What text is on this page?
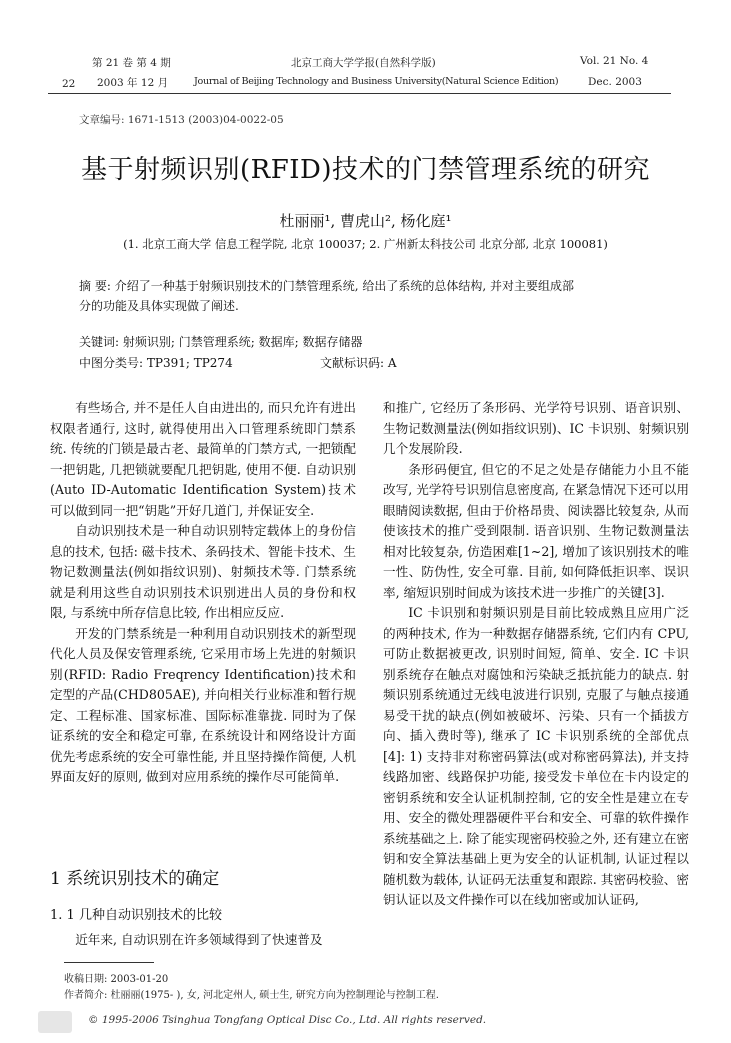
第 21 卷 第 4 期	北京工商大学学报(自然科学版)	Vol. 21 No. 4
22 2003 年 12 月	Journal of Beijing Technology and Business University(Natural Science Edition)	Dec. 2003
文章编号: 1671-1513 (2003)04-0022-05
基于射频识别(RFID)技术的门禁管理系统的研究
杜丽丽¹, 曹虎山², 杨化庭¹
(1. 北京工商大学 信息工程学院, 北京 100037; 2. 广州新太科技公司 北京分部, 北京 100081)
摘 要: 介绍了一种基于射频识别技术的门禁管理系统, 给出了系统的总体结构, 并对主要组成部
分的功能及具体实现做了阐述.
关键词: 射频识别; 门禁管理系统; 数据库; 数据存储器
中图分类号: TP391; TP274	文献标识码: A

有些场合, 并不是任人自由进出的, 而只允许有进出权限者通行, 这时, 就得使用出入口管理系统即门禁系统. 传统的门锁是最古老、最简单的门禁方式, 一把锁配一把钥匙, 几把锁就要配几把钥匙, 使用不便. 自动识别(Auto ID-Automatic Identification System)技术可以做到同一把“钥匙”开好几道门, 并保证安全.

自动识别技术是一种自动识别特定载体上的身份信息的技术, 包括: 磁卡技术、条码技术、智能卡技术、生物记数测量法(例如指纹识别)、射频技术等. 门禁系统就是利用这些自动识别技术识别进出人员的身份和权限, 与系统中所存信息比较, 作出相应反应.

开发的门禁系统是一种利用自动识别技术的新型现代化人员及保安管理系统, 它采用市场上先进的射频识别(RFID: Radio Freqrency Identification)技术和定型的产品(CHD805AE), 并向相关行业标准和暂行规定、工程标准、国家标准、国际标准靠拢. 同时为了保证系统的安全和稳定可靠, 在系统设计和网络设计方面优先考虑系统的安全可靠性能, 并且坚持操作简便, 人机界面友好的原则, 做到对应用系统的操作尽可能简单.

1 系统识别技术的确定
1. 1 几种自动识别技术的比较

近年来, 自动识别在许多领域得到了快速普及

和推广, 它经历了条形码、光学符号识别、语音识别、生物记数测量法(例如指纹识别)、IC 卡识别、射频识别几个发展阶段.

条形码便宜, 但它的不足之处是存储能力小且不能改写, 光学符号识别信息密度高, 在紧急情况下还可以用眼睛阅读数据, 但由于价格昂贵、阅读器比较复杂, 从而使该技术的推广受到限制. 语音识别、生物记数测量法相对比较复杂, 仿造困难[1~2], 增加了该识别技术的唯一性、防伪性, 安全可靠. 目前, 如何降低拒识率、误识率, 缩短识别时间成为该技术进一步推广的关键[3].

IC 卡识别和射频识别是目前比较成熟且应用广泛的两种技术, 作为一种数据存储器系统, 它们内有 CPU, 可防止数据被更改, 识别时间短, 简单、安全. IC 卡识别系统存在触点对腐蚀和污染缺乏抵抗能力的缺点. 射频识别系统通过无线电波进行识别, 克服了与触点接通易受干扰的缺点(例如被破坏、污染、只有一个插拔方向、插入费时等), 继承了 IC 卡识别系统的全部优点[4]: 1) 支持非对称密码算法(或对称密码算法), 并支持线路加密、线路保护功能, 接受发卡单位在卡内设定的密钥系统和安全认证机制控制, 它的安全性是建立在专用、安全的微处理器硬件平台和安全、可靠的软件操作系统基础之上. 除了能实现密码校验之外, 还有建立在密钥和安全算法基础上更为安全的认证机制, 认证过程以随机数为载体, 认证码无法重复和跟踪. 其密码校验、密钥认证以及文件操作可以在线加密或加认证码,

收稿日期: 2003-01-20
作者简介: 杜丽丽(1975- ), 女, 河北定州人, 硕士生, 研究方向为控制理论与控制工程.
© 1995-2006 Tsinghua Tongfang Optical Disc Co., Ltd. All rights reserved.
